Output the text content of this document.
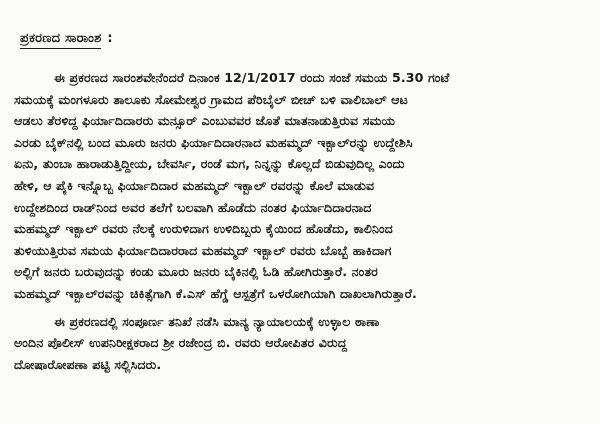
ಪ್ರಕರಣದ ಸಾರಾಂಶ :

ಈ ಪ್ರಕರಣದ ಸಾರಂಶವೇನೆಂದರೆ ದಿನಾಂಕ 12/1/2017 ರಂದು ಸಂಜೆ ಸಮಯ 5.30 ಗಂಟೆ

ಸಮಯಕ್ಕೆ ಮಂಗಳೂರು ತಾಲೂಕು ಸೋಮೇಶ್ವರ ಗ್ರಾಮದ ಪೆರಿಬೈಲ್ ಬೀಚ್ ಬಳಿ ವಾಲಿಬಾಲ್ ಆಟ

ಆಡಲು ತೆರಳಿದ್ದ ಫಿರ್ಯಾದಿದಾರರು ಮನ್ಸೂರ್ ಎಂಬುವವರ ಜೊತೆ ಮಾತನಾಡುತ್ತಿರುವ ಸಮಯ

ಎರಡು ಬೈಕ್‌ನಲ್ಲಿ ಬಂದ ಮೂರು ಜನರು ಫಿರ್ಯಾದಿದಾರನಾದ ಮಹಮ್ಮದ್ ಇಕ್ಬಾಲ್‌ರನ್ನು ಉದ್ದೇಶಿಸಿ

ಏನು, ತುಂಬಾ ಹಾರಾಡುತ್ತಿದ್ದೀಯ, ಬೇವರ್ಸಿ, ರಂಡೆ ಮಗ, ನಿನ್ನನ್ನು ಕೊಲ್ಲದೆ ಬಿಡುವುದಿಲ್ಲ ಎಂದು

ಹೇಳಿ, ಆ ಪೈಕಿ ಇನ್ನೊಬ್ಬ ಫಿರ್ಯಾದಿದಾರ ಮಹಮ್ಮದ್ ಇಕ್ಬಾಲ್ ರವರನ್ನು ಕೊಲೆ ಮಾಡುವ

ಉದ್ದೇಶದಿಂದ ರಾಡ್‌ನಿಂದ ಅವರ ತಲೆಗೆ ಬಲವಾಗಿ ಹೊಡೆದು ನಂತರ ಫಿರ್ಯಾದಿದಾರನಾದ

ಮಹಮ್ಮದ್ ಇಕ್ಬಾಲ್ ರವರು ನೆಲಕ್ಕೆ ಉರುಳಿದಾಗ ಉಳಿದಿಬ್ಬರು ಕೈಯಿಂದ ಹೊಡೆದು, ಕಾಲಿನಿಂದ

ತುಳಿಯುತ್ತಿರುವ ಸಮಯ ಫಿರ್ಯಾದಿದಾರರಾದ ಮಹಮ್ಮದ್ ಇಕ್ಬಾಲ್ ರವರು ಬೊಬ್ಬೆ ಹಾಕಿದಾಗ

ಅಲ್ಲಿಗೆ ಜನರು ಬರುವುದನ್ನು ಕಂಡು ಮೂರು ಜನರು ಬೈಕಿನಲ್ಲಿ ಓಡಿ ಹೋಗಿರುತ್ತಾರೆ. ನಂತರ

ಮಹಮ್ಮದ್ ಇಕ್ಬಾಲ್‌ರವನ್ನು ಚಿಕಿತ್ಸೆಗಾಗಿ ಕೆ.ಎಸ್ ಹೆಗ್ಡೆ ಆಸ್ಪತ್ರೆಗೆ ಒಳರೋಗಿಯಾಗಿ ದಾಖಲಾಗಿರುತ್ತಾರೆ.

ಈ ಪ್ರಕರಣದಲ್ಲಿ ಸಂಪೂರ್ಣ ತನಿಖೆ ನಡೆಸಿ ಮಾನ್ಯ ನ್ಯಾಯಾಲಯಕ್ಕೆ ಉಳ್ಳಾಲ ಠಾಣಾ

ಅಂದಿನ ಪೊಲೀಸ್ ಉಪನಿರೀಕ್ಷಕರಾದ ಶ್ರೀ ರಜೇಂದ್ರ ಬಿ. ರವರು ಆರೋಪಿತರ ವಿರುದ್ದ

ದೋಷಾರೋಪಣಾ ಪಟ್ಟಿ ಸಲ್ಲಿಸಿದರು.
